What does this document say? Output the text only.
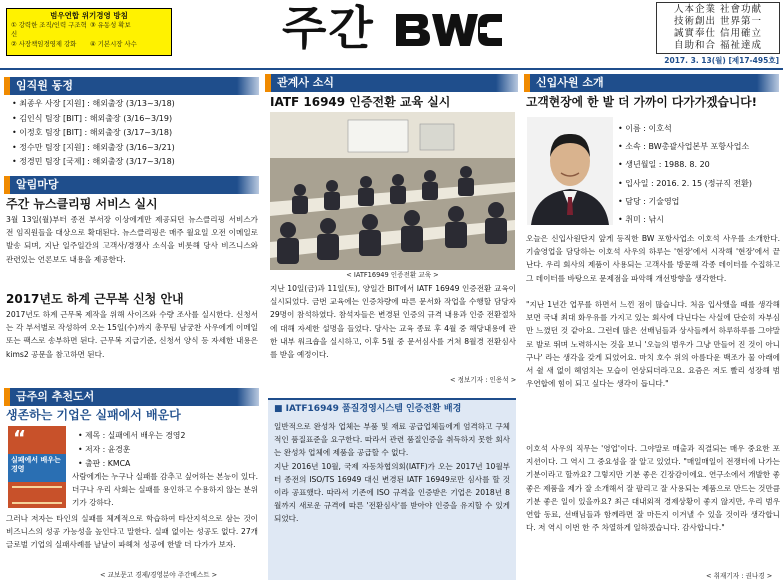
범우연합 위기경영 방침
① 강력한 조직/인력 구조혁신
③ 유동성 확보
② 사장책임경영제 강화	④ 기본시장 사수	주간	人本企業 社會功献
技術創出 世界第一
誠實奉仕 信用確立
自助和合 福祉達成
2017. 3. 13(월) [제17-495호]
임직원 동정
• 최종우 사장 [지원] : 해외출장 (3/13~3/18)
• 김인식 팀장 [BIT] : 해외출장 (3/16~3/19)
• 이정호 팀장 [BIT] : 해외출장 (3/17~3/18)
• 정수만 팀장 [지원] : 해외출장 (3/16~3/21)
• 정경민 팀장 [국제] : 해외출장 (3/17~3/18)
알림마당
주간 뉴스클리핑 서비스 실시
3월 13일(월)부터 종전 부서장 이상에게만 제공되던 뉴스클리핑 서비스가 전 임직원들을 대상으로 확대된다. 뉴스클리핑은 매주 월요일 오전 이메일로 발송 되며, 지난 일주일간의 고객사/경쟁사 소식을 비롯해 당사 비즈니스와 관련있는 언론보도 내용을 제공한다.
2017년도 하계 근무복 신청 안내
2017년도 하계 근무복 제작을 위해 사이즈와 수량 조사를 실시한다. 신청서는 각 부서별로 작성하여 오는 15일(수)까지 총무팀 남궁찬 사우에게 이메일 또는 팩스로 송부하면 된다. 근무복 지급기준, 신청서 양식 등 자세한 내용은 kims2 공문을 참고하면 된다.
금주의 추천도서
생존하는 기업은 실패에서 배운다
“
실패에서 배우는 경영
• 제목 : 실패에서 배우는 경영2
• 저자 : 윤경훈
• 출판 : KMCA
사람에게는 누구나 실패를 감추고 싶어하는 본능이 있다. 더구나 우리 사회는 실패를 용인하고 수용하지 않는 분위기가 강하다.
그러나 저자는 타인의 실패를 체계적으로 학습하여 타산지석으로 삼는 것이 비즈니스의 성공 가능성을 높인다고 말한다. 실패 없이는 성공도 없다. 27개 글로벌 기업의 실패사례를 날날이 파헤쳐 성공에 한발 더 다가가 보자.
< 교보문고 경제/경영분야 주간베스트 >
관계사 소식
IATF 16949 인증전환 교육 실시
< IATF16949 인증전환 교육 >
지난 10일(금)과 11일(토), 양일간 BIT에서 IATF 16949 인증전환 교육이 실시되었다. 금번 교육에는 인증차량에 따른 문서화 작업을 수행할 담당자 29명이 참석하였다. 참석자들은 변경된 인증의 규격 내용과 인증 전환절차에 대해 자세한 설명을 들었다. 당사는 교육 종료 후 4월 중 해당내용에 관한 내부 워크숍을 실시하고, 이후 5월 중 문서심사를 거쳐 8월경 전환심사를 받을 예정이다.
< 정보기자 : 인용석 >
■ IATF16949 품질경영시스템 인증전환 배경

일반적으로 완성차 업체는 부품 및 재료 공급업체들에게 엄격하고 구체적인 품질표준을 요구한다. 따라서 관련 품질인증을 취득하지 못한 회사는 완성차 업체에 제품을 공급할 수 없다.

지난 2016년 10월, 국제 자동차협의회(IATF)가 오는 2017년 10월부터 종전의 ISO/TS 16949 대신 변경된 IATF 16949로만 심사를 할 것이라 공표했다. 따라서 기존에 ISO 규격을 인증받은 기업은 2018년 8월까지 새로운 규격에 따른 '전환심사'를 받아야 인증을 유지할 수 있게 되었다.

신입사원 소개
고객현장에 한 발 더 가까이 다가가겠습니다!
• 이름 : 이호석
• 소속 : BW총괄사업본부 포항사업소
• 생년월일 : 1988. 8. 20
• 입사일 : 2016. 2. 15 (정규직 전환)
• 담당 : 기술영업
• 취미 : 낚시
오늘은 신입사원단지 앞게 등직한 BW 포항사업소 이호석 사우를 소개한다. 기술영업을 담당하는 이호석 사우의 하루는 '현장'에서 시작해 '현장'에서 끝난다. 우리 회사의 제품이 사용되는 고객사를 방문해 각종 데이터를 수집하고 그 데이터를 바탕으로 문제점을 파악해 개선방향을 생각한다.
"지난 1년간 업무를 하면서 느낀 점이 많습니다. 처음 입사했을 때를 생각해 보면 국내 최대 화우유를 가지고 있는 회사에 다닌다는 사실에 단순히 자부심만 느꼈던 것 같아요. 그런데 많은 선배님들과 상사들께서 하루하루를 그야말로 발로 뛰며 노력하시는 것을 보니 '오늘의 범우가 그냥 만들어 진 것이 아니구나' 라는 생각을 갖게 되었어요. 마치 호수 위의 아름다운 백조가 물 아래에서 쉴 새 없이 헤엄치는 모습이 연상되더라고요. 요즘은 저도 빨리 성장해 범우연합에 힘이 되고 싶다는 생각이 듭니다."
이호석 사우의 직무는 '영업'이다. 그야말로 매출과 직결되는 매우 중요한 포지션이다. 그 역시 그 중요성을 잘 알고 있었다. "매일매일이 전쟁터에 나가는 기분이라고 할까요? 그렇지만 기분 좋은 긴장감이에요. 연구소에서 개발한 좋 좋은 제품을 제가 잘 소개해서 잘 팔리고 잘 사용되는 제품으로 만드는 것만큼 기분 좋은 일이 있을까요? 최근 대내외적 경제상황이 좋지 않지만, 우리 범우연합 동료, 선배님들과 함께라면 잘 마든지 이겨낼 수 있을 것이라 생각합니다. 저 역시 이번 한 주 차열하게 일하겠습니다. 감사합니다."
< 취재기자 : 권나경 >
